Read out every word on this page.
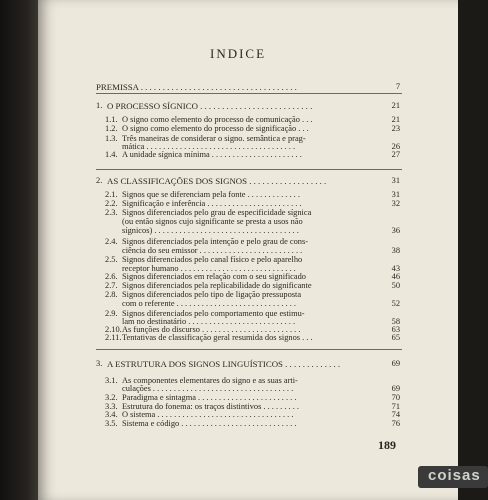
INDICE
PREMISSA . . . . . . . . . . . . . . . . . . . . . . . . . . . . . . . . . . . .	7
1. O PROCESSO SÍGNICO . . . . . . . . . . . . . . . . . . . . . . . . . .	21
1.1. O signo como elemento do processo de comunicação . . .	21
1.2. O signo como elemento do processo de significação . . .	23
1.3. Três maneiras de considerar o signo. semântica e prag-
mática . . . . . . . . . . . . . . . . . . . . . . . . . . . . . . . . . . . .	26
1.4. A unidade sígnica mínima . . . . . . . . . . . . . . . . . . . . . .	27
2. AS CLASSIFICAÇÕES DOS SIGNOS . . . . . . . . . . . . . . . . . .	31
2.1. Signos que se diferenciam pela fonte . . . . . . . . . . . . .	31
2.2. Significação e inferência . . . . . . . . . . . . . . . . . . . . . . .	32
2.3. Signos diferenciados pelo grau de especificidade sígnica
(ou então signos cujo significante se presta a usos não
sígnicos) . . . . . . . . . . . . . . . . . . . . . . . . . . . . . . . . . . .	36
2.4. Signos diferenciados pela intenção e pelo grau de cons-
ciência do seu emissor . . . . . . . . . . . . . . . . . . . . . . . . .	38
2.5. Signos diferenciados pelo canal físico e pelo aparelho
receptor humano . . . . . . . . . . . . . . . . . . . . . . . . . . . .	43
2.6. Signos diferenciados em relação com o seu significado	46
2.7. Signos diferenciados pela replicabilidade do significante	50
2.8. Signos diferenciados pelo tipo de ligação pressuposta
com o referente . . . . . . . . . . . . . . . . . . . . . . . . . . . . .	52
2.9. Signos diferenciados pelo comportamento que estimu-
lam no destinatário . . . . . . . . . . . . . . . . . . . . . . . . . .	58
2.10. As funções do discurso . . . . . . . . . . . . . . . . . . . . . . . .	63
2.11. Tentativas de classificação geral resumida dos signos . . .	65
3. A ESTRUTURA DOS SIGNOS LINGUÍSTICOS . . . . . . . . . . . . .	69
3.1. As componentes elementares do signo e as suas arti-
culações . . . . . . . . . . . . . . . . . . . . . . . . . . . . . . . . . .	69
3.2. Paradigma e sintagma . . . . . . . . . . . . . . . . . . . . . . . .	70
3.3. Estrutura do fonema: os traços distintivos . . . . . . . . .	71
3.4. O sistema . . . . . . . . . . . . . . . . . . . . . . . . . . . . . . . . .	74
3.5. Sistema e código . . . . . . . . . . . . . . . . . . . . . . . . . . . .	76
189
coisas
